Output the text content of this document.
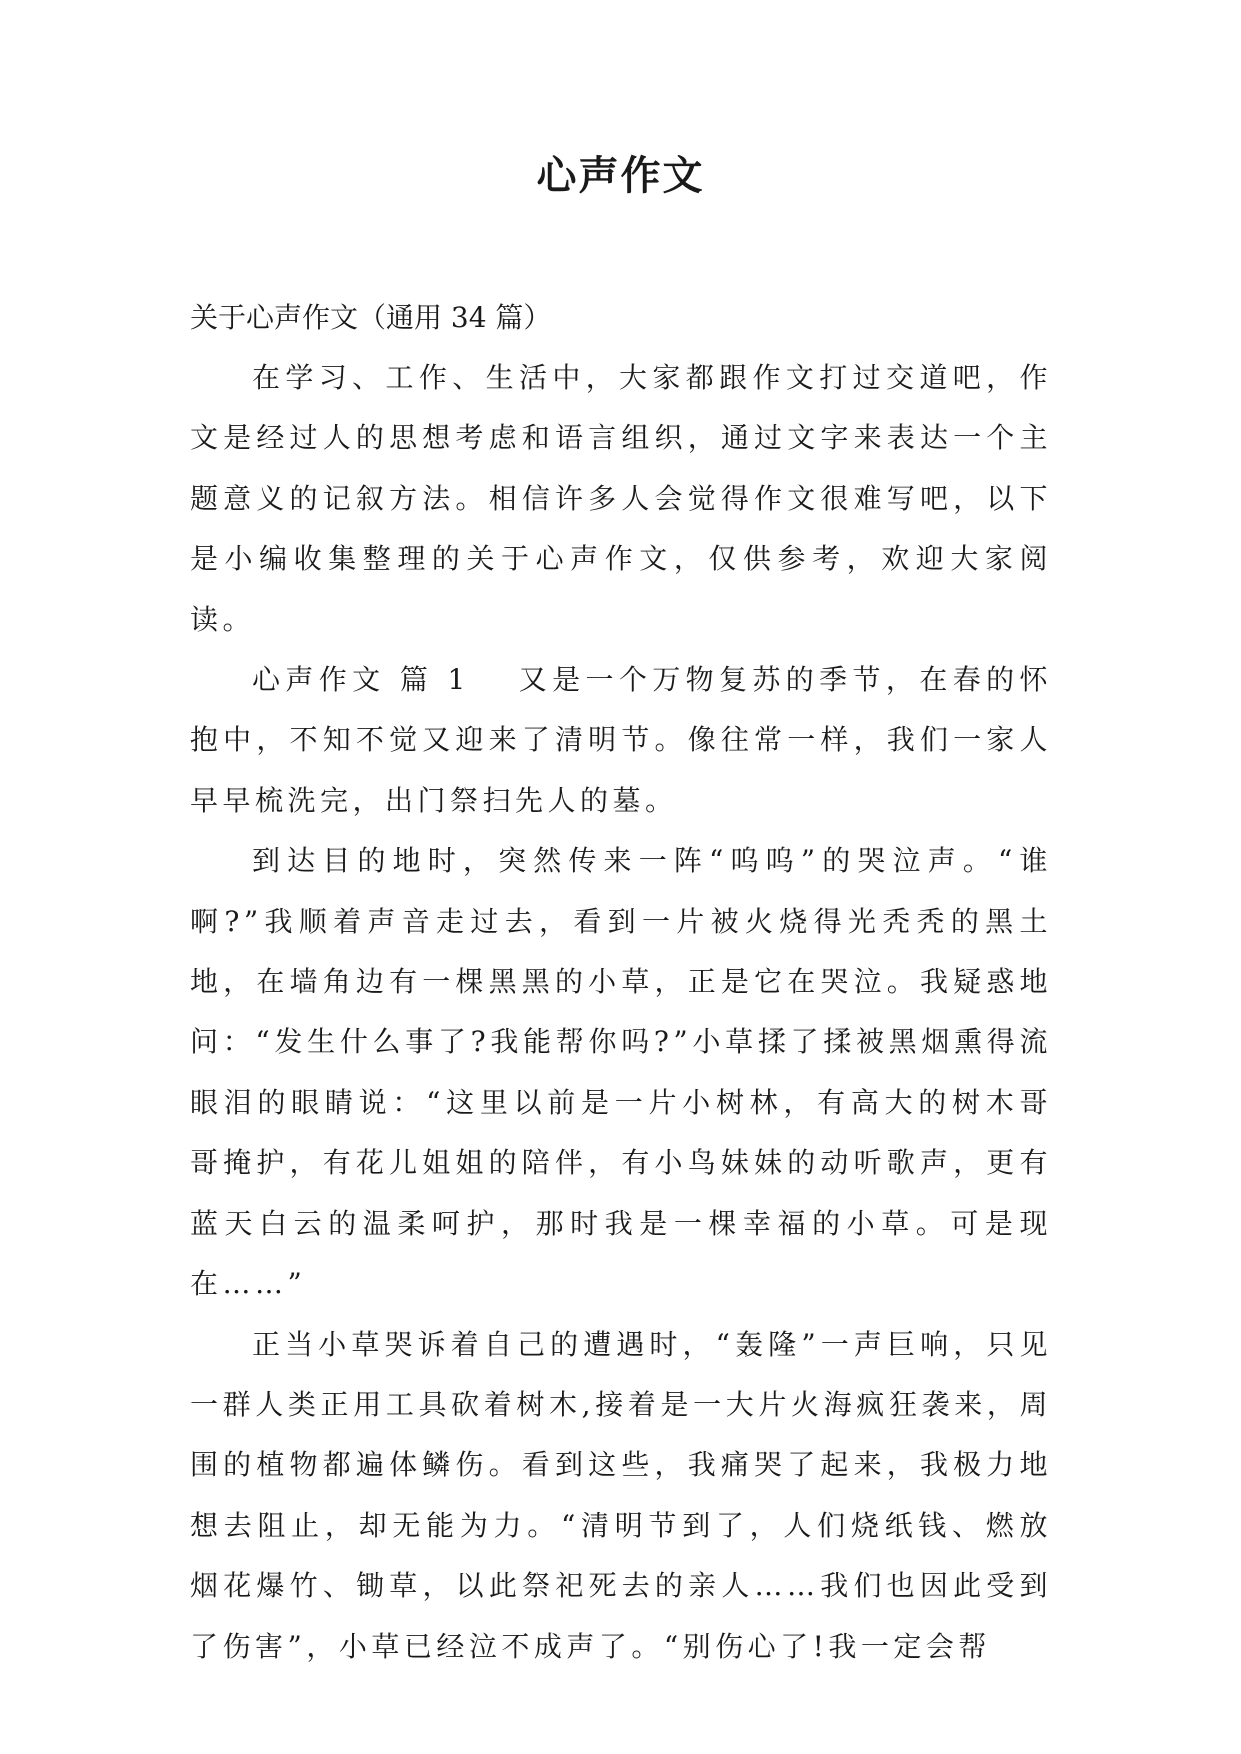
心声作文
关于心声作文（通用 34 篇）

在学习、工作、生活中，大家都跟作文打过交道吧，作文是经过人的思想考虑和语言组织，通过文字来表达一个主题意义的记叙方法。相信许多人会觉得作文很难写吧，以下是小编收集整理的关于心声作文，仅供参考，欢迎大家阅读。

心声作文 篇 1 又是一个万物复苏的季节，在春的怀抱中，不知不觉又迎来了清明节。像往常一样，我们一家人早早梳洗完，出门祭扫先人的墓。

到达目的地时，突然传来一阵“呜呜”的哭泣声。“谁啊?”我顺着声音走过去，看到一片被火烧得光秃秃的黑土地，在墙角边有一棵黑黑的小草，正是它在哭泣。我疑惑地问：“发生什么事了?我能帮你吗?”小草揉了揉被黑烟熏得流眼泪的眼睛说：“这里以前是一片小树林，有高大的树木哥哥掩护，有花儿姐姐的陪伴，有小鸟妹妹的动听歌声，更有蓝天白云的温柔呵护，那时我是一棵幸福的小草。可是现在……”

正当小草哭诉着自己的遭遇时，“轰隆”一声巨响，只见一群人类正用工具砍着树木,接着是一大片火海疯狂袭来，周围的植物都遍体鳞伤。看到这些，我痛哭了起来，我极力地想去阻止，却无能为力。“清明节到了，人们烧纸钱、燃放烟花爆竹、锄草，以此祭祀死去的亲人……我们也因此受到了伤害”，小草已经泣不成声了。“别伤心了!我一定会帮
